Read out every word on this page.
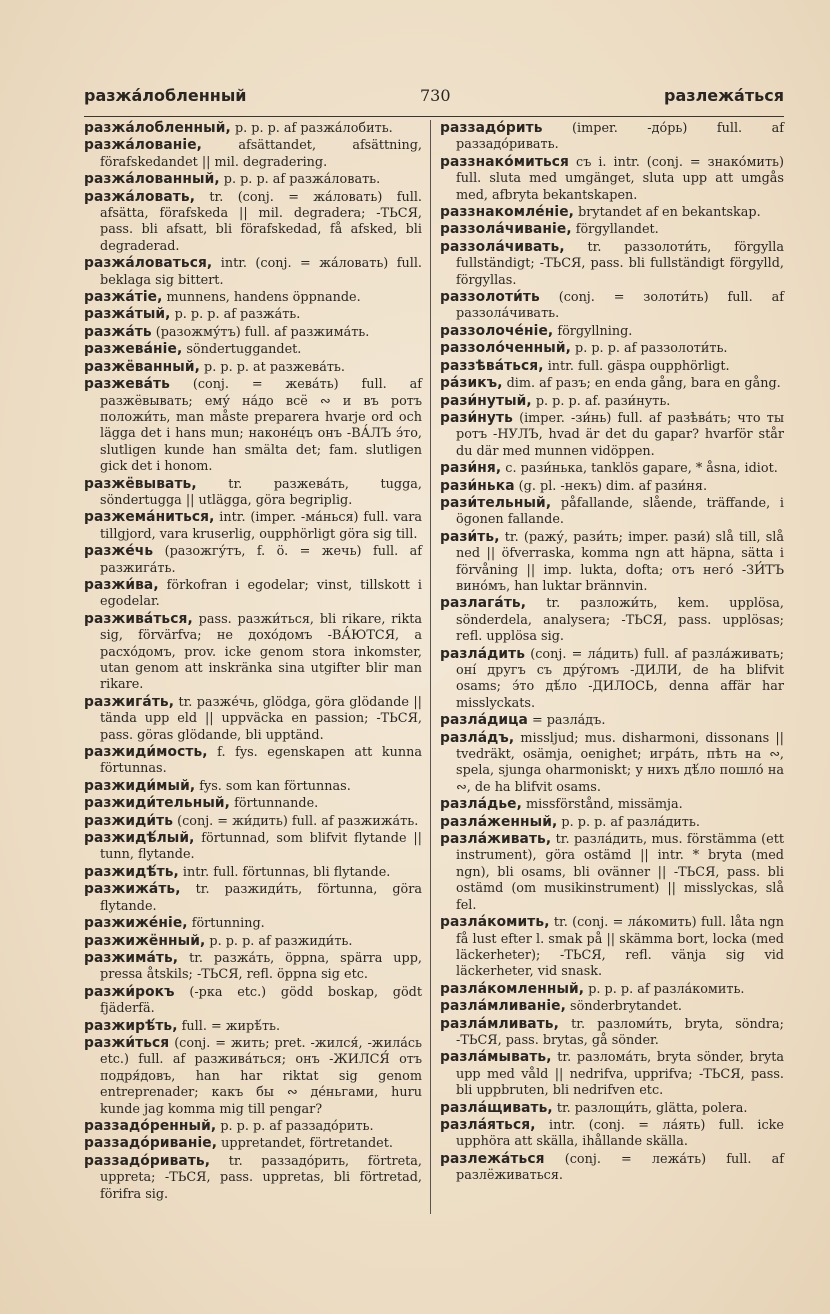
разжа́лобленный	730	разлежа́ться

разжа́лобленный, p. p. p. af разжа́лобить.

разжа́лованіе, afsättandet, afsättning, förafskedandet || mil. degradering.

разжа́лованный, p. p. p. af разжа́ловать.

разжа́ловать, tr. (conj. = жа́ловать) full. afsätta, förafskeda || mil. degradera; -ТЬСЯ, pass. bli afsatt, bli förafskedad, få afsked, bli degraderad.

разжа́ловаться, intr. (conj. = жа́ловать) full. beklaga sig bittert.

разжа́тіе, munnens, handens öppnande.

разжа́тый, p. p. p. af разжа́ть.

разжа́ть (разожму́тъ) full. af разжима́ть.

разжева́ніе, söndertuggandet.

разжёванный, p. p. p. at разжева́ть.

разжева́ть (conj. = жева́ть) full. af разжёвывать; ему́ на́до всё ∾ и въ ротъ положи́ть, man måste preparera hvarje ord och lägga det i hans mun; наконе́цъ онъ -ВА́ЛЪ э́то, slutligen kunde han smälta det; fam. slutligen gick det i honom.

разжёвывать, tr. разжева́ть, tugga, söndertugga || utlägga, göra begriplig.

разжема́ниться, intr. (imper. -ма́нься) full. vara tillgjord, vara kruserlig, oupphörligt göra sig till.

разже́чь (разожгу́тъ, f. ö. = жечь) full. af разжига́ть.

разжи́ва, förkofran i egodelar; vinst, tillskott i egodelar.

разжива́ться, pass. разжи́ться, bli rikare, rikta sig, förvärfva; не дохо́домъ -ВА́ЮТСЯ, а расхо́домъ, prov. icke genom stora inkomster, utan genom att inskränka sina utgifter blir man rikare.

разжига́ть, tr. разже́чь, glödga, göra glödande || tända upp eld || uppväcka en passion; -ТЬСЯ, pass. göras glödande, bli upptänd.

разжиди́мость, f. fys. egenskapen att kunna förtunnas.

разжиди́мый, fys. som kan förtunnas.

разжиди́тельный, förtunnande.

разжиди́ть (conj. = жи́дить) full. af разжижа́ть.

разжидѣ́лый, förtunnad, som blifvit flytande || tunn, flytande.

разжидѣ́ть, intr. full. förtunnas, bli flytande.

разжижа́ть, tr. разжиди́ть, förtunna, göra flytande.

разжиже́ніе, förtunning.

разжижённый, p. p. p. af разжиди́ть.

разжима́ть, tr. разжа́ть, öppna, spärra upp, pressa åtskils; -ТЬСЯ, refl. öppna sig etc.

разжи́рокъ (-рка etc.) gödd boskap, gödt fjäderfä.

разжирѣ́ть, full. = жирѣ́ть.

разжи́ться (conj. = жить; pret. -жился́, -жила́сь etc.) full. af разжива́ться; онъ -ЖИЛСЯ́ отъ подря́довъ, han har riktat sig genom entreprenader; какъ бы ∾ де́ньгами, huru kunde jag komma mig till pengar?

раззадо́ренный, p. p. p. af раззадо́рить.

раззадо́риваніе, uppretandet, förtretandet.

раззадо́ривать, tr. раззадо́рить, förtreta, uppreta; -ТЬСЯ, pass. uppretas, bli förtretad, förifra sig.

раззадо́рить (imper. -до́рь) full. af раззадо́ривать.

раззнако́миться съ i. intr. (conj. = знако́мить) full. sluta med umgänget, sluta upp att umgås med, afbryta bekantskapen.

раззнакомле́ніе, brytandet af en bekantskap.

раззола́чиваніе, förgyllandet.

раззола́чивать, tr. раззолоти́ть, förgylla fullständigt; -ТЬСЯ, pass. bli fullständigt förgylld, förgyllas.

раззолоти́ть (conj. = золоти́ть) full. af раззола́чивать.

раззолоче́ніе, förgyllning.

раззоло́ченный, p. p. p. af раззолоти́ть.

раззѣва́ться, intr. full. gäspa oupphörligt.

ра́зикъ, dim. af разъ; en enda gång, bara en gång.

рази́нутый, p. p. p. af. рази́нуть.

рази́нуть (imper. -зи́нь) full. af разѣва́ть; что ты ротъ -НУЛЪ, hvad är det du gapar? hvarför står du där med munnen vidöppen.

рази́ня, c. рази́нька, tanklös gapare, * åsna, idiot.

рази́нька (g. pl. -некъ) dim. af рази́ня.

рази́тельный, påfallande, slående, träffande, i ögonen fallande.

рази́ть, tr. (ражу́, рази́ть; imper. рази́) slå till, slå ned || öfverraska, komma ngn att häpna, sätta i förvåning || imp. lukta, dofta; отъ него́ -ЗИ́ТЪ вино́мъ, han luktar brännvin.

разлага́ть, tr. разложи́ть, kem. upplösa, sönderdela, analysera; -ТЬСЯ, pass. upplösas; refl. upplösa sig.

разла́дить (conj. = ла́дить) full. af разла́живать; оні́ другъ съ дру́гомъ -ДИЛИ, de ha blifvit osams; э́то дѣ́ло -ДИЛОСЬ, denna affär har misslyckats.

разла́дица = разла́дъ.

разла́дъ, missljud; mus. disharmoni, dissonans || tvedräkt, osämja, oenighet; игра́ть, пѣть на ∾, spela, sjunga oharmoniskt; у нихъ дѣ́ло пошло́ на ∾, de ha blifvit osams.

разла́дье, missförstånd, missämja.

разла́женный, p. p. p. af разла́дить.

разла́живать, tr. разла́дить, mus. förstämma (ett instrument), göra ostämd || intr. * bryta (med ngn), bli osams, bli ovänner || -ТЬСЯ, pass. bli ostämd (om musikinstrument) || misslyckas, slå fel.

разла́комить, tr. (conj. = ла́комить) full. låta ngn få lust efter l. smak på || skämma bort, locka (med läckerheter); -ТЬСЯ, refl. vänja sig vid läckerheter, vid snask.

разла́комленный, p. p. p. af разла́комить.

разла́мливаніе, sönderbrytandet.

разла́мливать, tr. разломи́ть, bryta, söndra; -ТЬСЯ, pass. brytas, gå sönder.

разла́мывать, tr. разлома́ть, bryta sönder, bryta upp med våld || nedrifva, upprifva; -ТЬСЯ, pass. bli uppbruten, bli nedrifven etc.

разла́щивать, tr. разлощи́ть, glätta, polera.

разла́яться, intr. (conj. = ла́ять) full. icke upphöra att skälla, ihållande skälla.

разлежа́ться (conj. = лежа́ть) full. af разлёживаться.
